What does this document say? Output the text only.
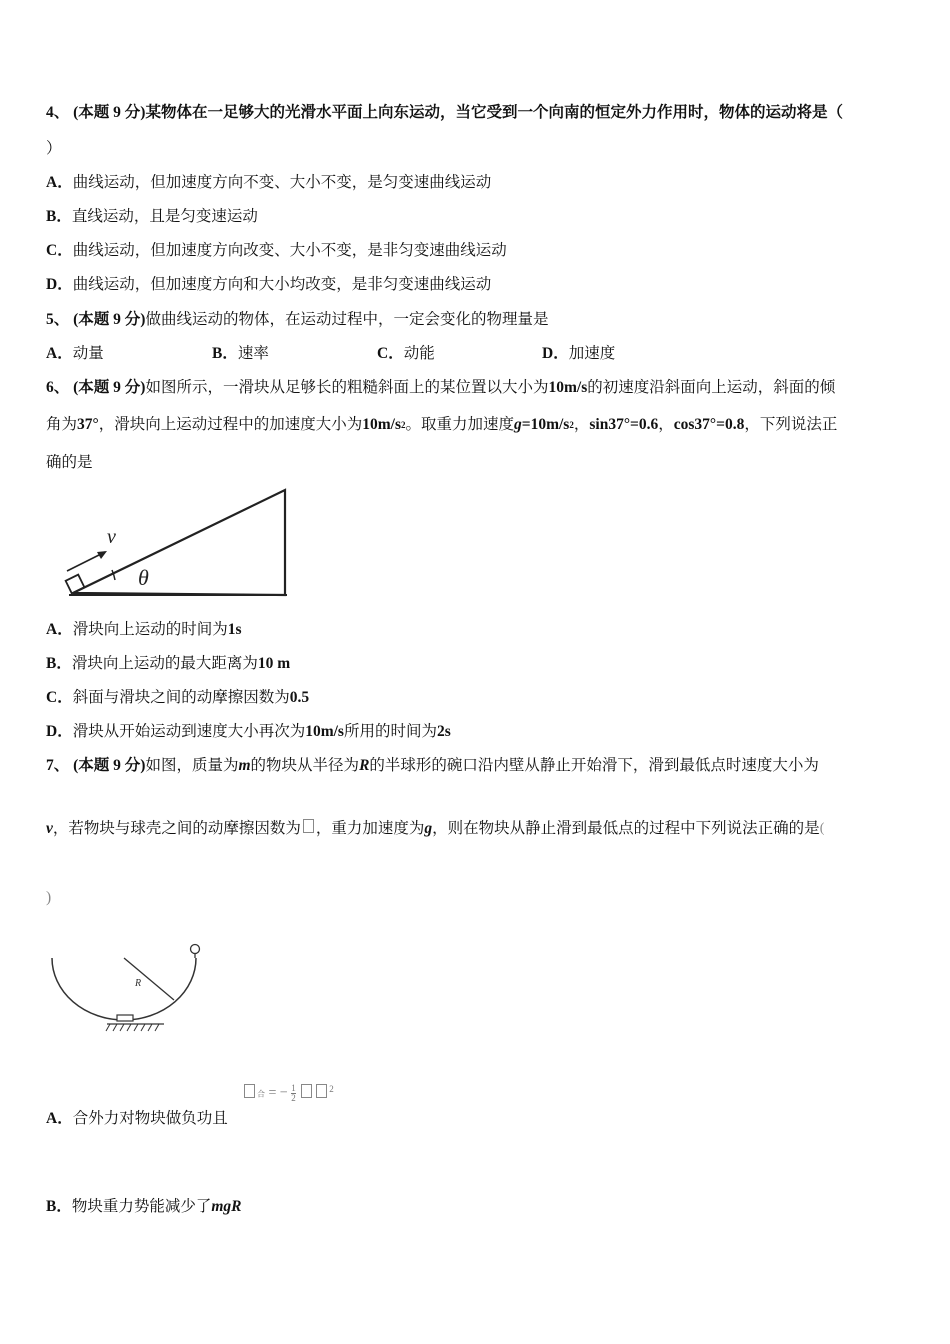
4、 (本题 9 分)某物体在一足够大的光滑水平面上向东运动，当它受到一个向南的恒定外力作用时，物体的运动将是（
）
A．曲线运动，但加速度方向不变、大小不变，是匀变速曲线运动
B．直线运动，且是匀变速运动
C．曲线运动，但加速度方向改变、大小不变，是非匀变速曲线运动
D．曲线运动，但加速度方向和大小均改变，是非匀变速曲线运动
5、 (本题 9 分)做曲线运动的物体，在运动过程中，一定会变化的物理量是
A．动量	B．速率	C．动能	D．加速度
6、 (本题 9 分)如图所示，一滑块从足够长的粗糙斜面上的某位置以大小为10m/s的初速度沿斜面向上运动，斜面的倾
角为37°，滑块向上运动过程中的加速度大小为$10m/s^2$。取重力加速度$g=10m/s^2$，sin37°=0.6，cos37°=0.8，下列说法正
确的是
v
θ
A．滑块向上运动的时间为1s
B．滑块向上运动的最大距离为10 m
C．斜面与滑块之间的动摩擦因数为0.5
D．滑块从开始运动到速度大小再次为10m/s所用的时间为2s
7、 (本题 9 分)如图，质量为m的物块从半径为R的半球形的碗口沿内壁从静止开始滑下，滑到最低点时速度大小为
v，若物块与球壳之间的动摩擦因数为 ，重力加速度为g，则在物块从静止滑到最低点的过程中下列说法正确的是(
)
R
A．合外力对物块做负功且
合 = − $\frac{1}{2}$	$^2$
B．物块重力势能减少了mgR
